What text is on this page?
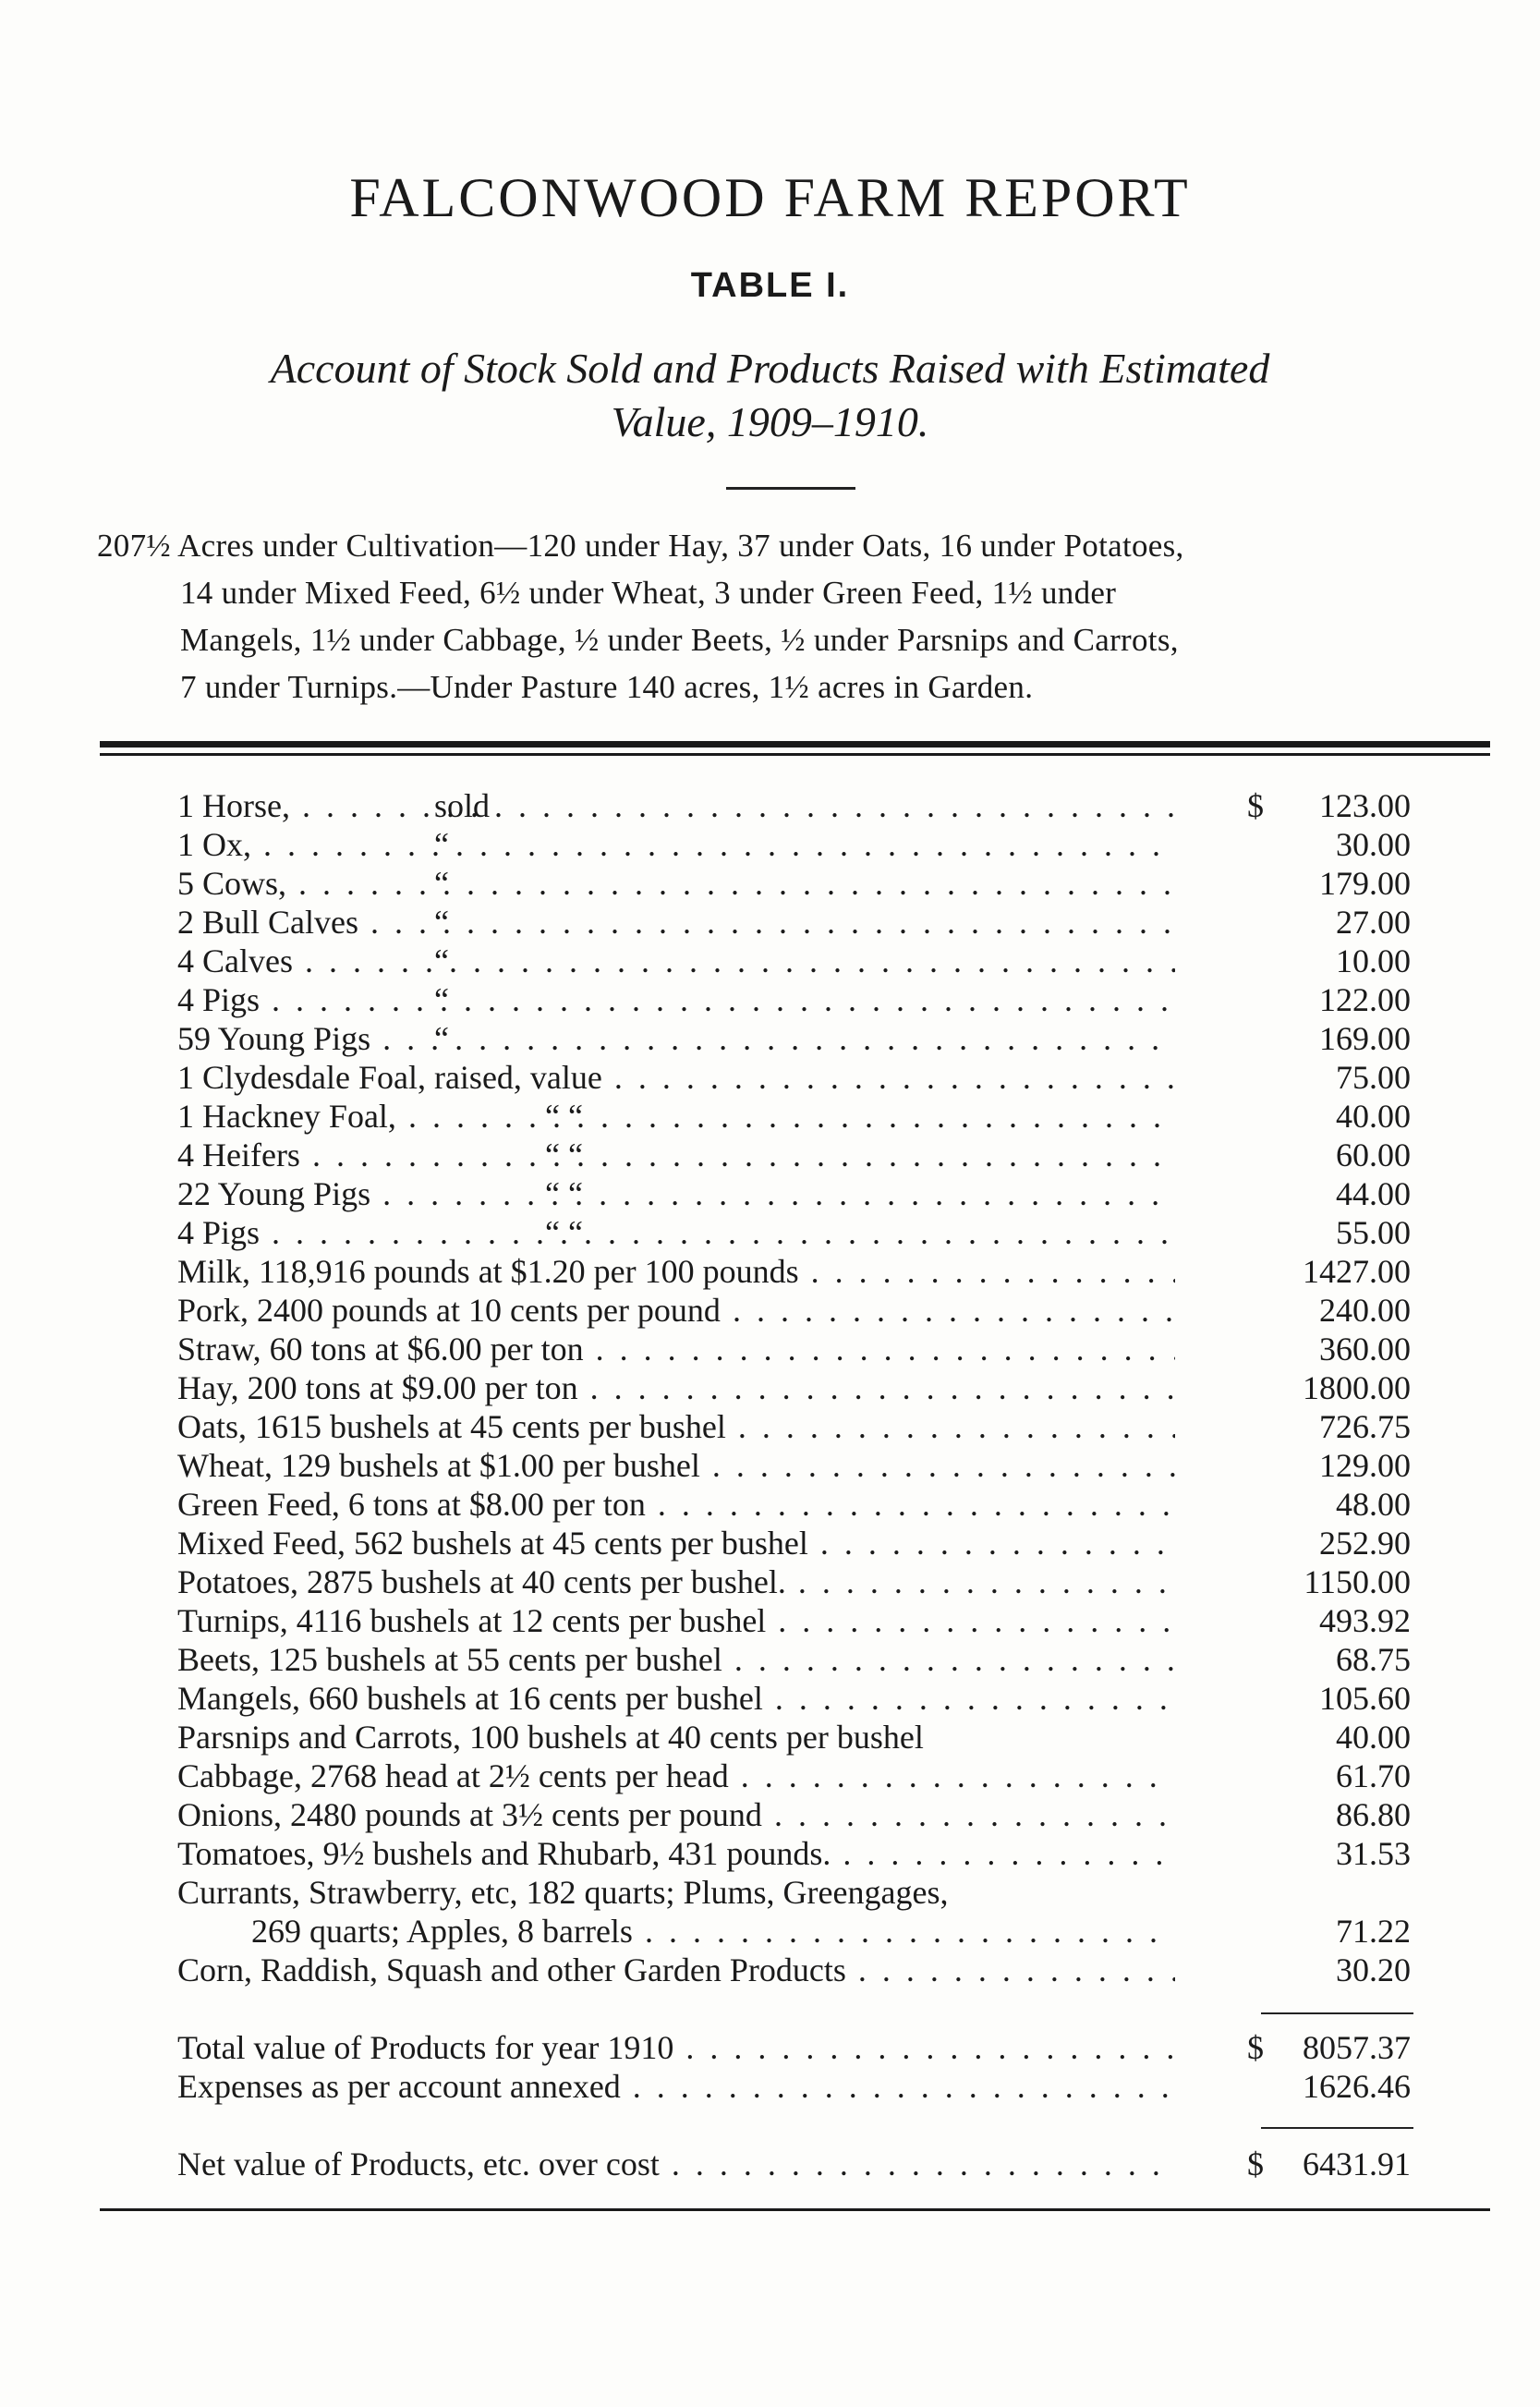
FALCONWOOD FARM REPORT
TABLE I.
Account of Stock Sold and Products Raised with Estimated
Value, 1909–1910.
207½ Acres under Cultivation—120 under Hay, 37 under Oats, 16 under Potatoes,
14 under Mixed Feed, 6½ under Wheat, 3 under Green Feed, 1½ under
Mangels, 1½ under Cabbage, ½ under Beets, ½ under Parsnips and Carrots,
7 under Turnips.—Under Pasture 140 acres, 1½ acres in Garden.
1 Horse, . . .	sold	$ 123.00
1 Ox, . . .	“	30.00
5 Cows, . . .	“	179.00
2 Bull Calves . . .	“	27.00
4 Calves . . .	“	10.00
4 Pigs . . .	“	122.00
59 Young Pigs . . .	“	169.00
1 Clydesdale Foal, raised, value . . .	75.00
1 Hackney Foal, . . .	“ “	40.00
4 Heifers . . .	“ “	60.00
22 Young Pigs . . .	“ “	44.00
4 Pigs . . .	“ “	55.00
Milk, 118,916 pounds at $1.20 per 100 pounds . . .	1427.00
Pork, 2400 pounds at 10 cents per pound . . .	240.00
Straw, 60 tons at $6.00 per ton . . .	360.00
Hay, 200 tons at $9.00 per ton . . .	1800.00
Oats, 1615 bushels at 45 cents per bushel . . .	726.75
Wheat, 129 bushels at $1.00 per bushel . . .	129.00
Green Feed, 6 tons at $8.00 per ton . . .	48.00
Mixed Feed, 562 bushels at 45 cents per bushel . . .	252.90
Potatoes, 2875 bushels at 40 cents per bushel. . . .	1150.00
Turnips, 4116 bushels at 12 cents per bushel . . .	493.92
Beets, 125 bushels at 55 cents per bushel . . .	68.75
Mangels, 660 bushels at 16 cents per bushel . . .	105.60
Parsnips and Carrots, 100 bushels at 40 cents per bushel	40.00
Cabbage, 2768 head at 2½ cents per head . . .	61.70
Onions, 2480 pounds at 3½ cents per pound . . .	86.80
Tomatoes, 9½ bushels and Rhubarb, 431 pounds. . . .	31.53
Currants, Strawberry, etc, 182 quarts; Plums, Greengages,
269 quarts; Apples, 8 barrels . . .	71.22
Corn, Raddish, Squash and other Garden Products . . .	30.20
Total value of Products for year 1910 . . .	$ 8057.37
Expenses as per account annexed . . .	1626.46
Net value of Products, etc. over cost . . .	$ 6431.91
